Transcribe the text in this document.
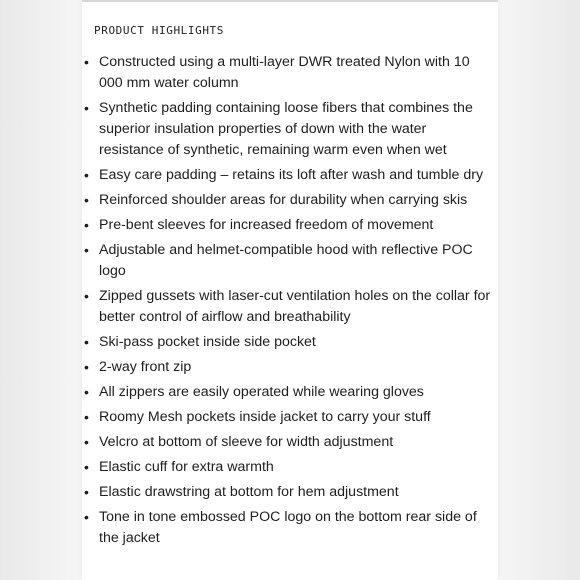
PRODUCT HIGHLIGHTS
• Constructed using a multi-layer DWR treated Nylon with 10 000 mm water column
• Synthetic padding containing loose fibers that combines the superior insulation properties of down with the water resistance of synthetic, remaining warm even when wet
• Easy care padding – retains its loft after wash and tumble dry
• Reinforced shoulder areas for durability when carrying skis
• Pre-bent sleeves for increased freedom of movement
• Adjustable and helmet-compatible hood with reflective POC logo
• Zipped gussets with laser-cut ventilation holes on the collar for better control of airflow and breathability
• Ski-pass pocket inside side pocket
• 2-way front zip
• All zippers are easily operated while wearing gloves
• Roomy Mesh pockets inside jacket to carry your stuff
• Velcro at bottom of sleeve for width adjustment
• Elastic cuff for extra warmth
• Elastic drawstring at bottom for hem adjustment
• Tone in tone embossed POC logo on the bottom rear side of the jacket
